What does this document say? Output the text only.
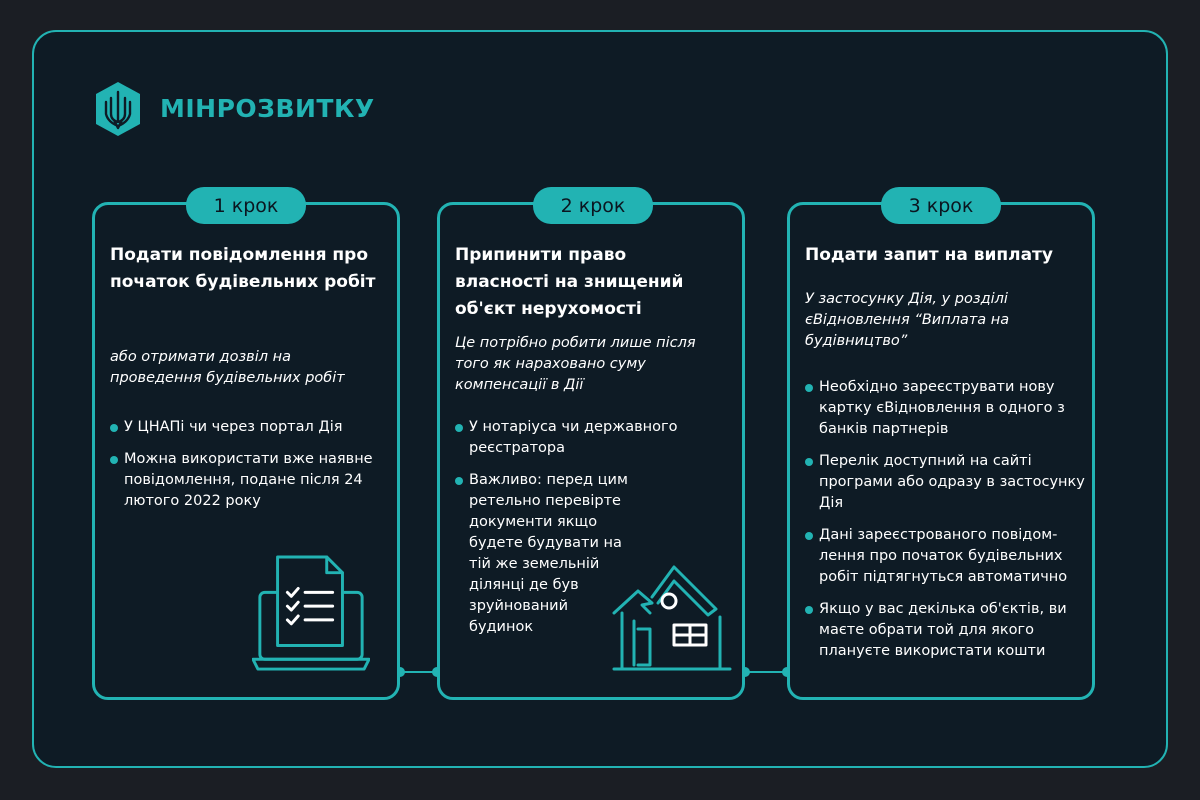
МІНРОЗВИТКУ
1 крок
Подати повідомлення про початок будівельних робіт
або отримати дозвіл на проведення будівельних робіт
У ЦНАПі чи через портал Дія
Можна використати вже наявне повідомлення, подане після 24 лютого 2022 року
2 крок
Припинити право власності на знищений об'єкт нерухомості
Це потрібно робити лише після того як нараховано суму компенсації в Дії
У нотаріуса чи державного реєстратора
Важливо: перед цим ретельно перевірте документи якщо будете будувати на тій же земельній ділянці де був зруйнований будинок
3 крок
Подати запит на виплату
У застосунку Дія, у розділі єВідновлення “Виплата на будівництво”
Необхідно зареєструвати нову картку єВідновлення в одного з банків партнерів
Перелік доступний на сайті програми або одразу в застосунку Дія
Дані зареєстрованого повідом-лення про початок будівельних робіт підтягнуться автоматично
Якщо у вас декілька об'єктів, ви маєте обрати той для якого плануєте використати кошти
